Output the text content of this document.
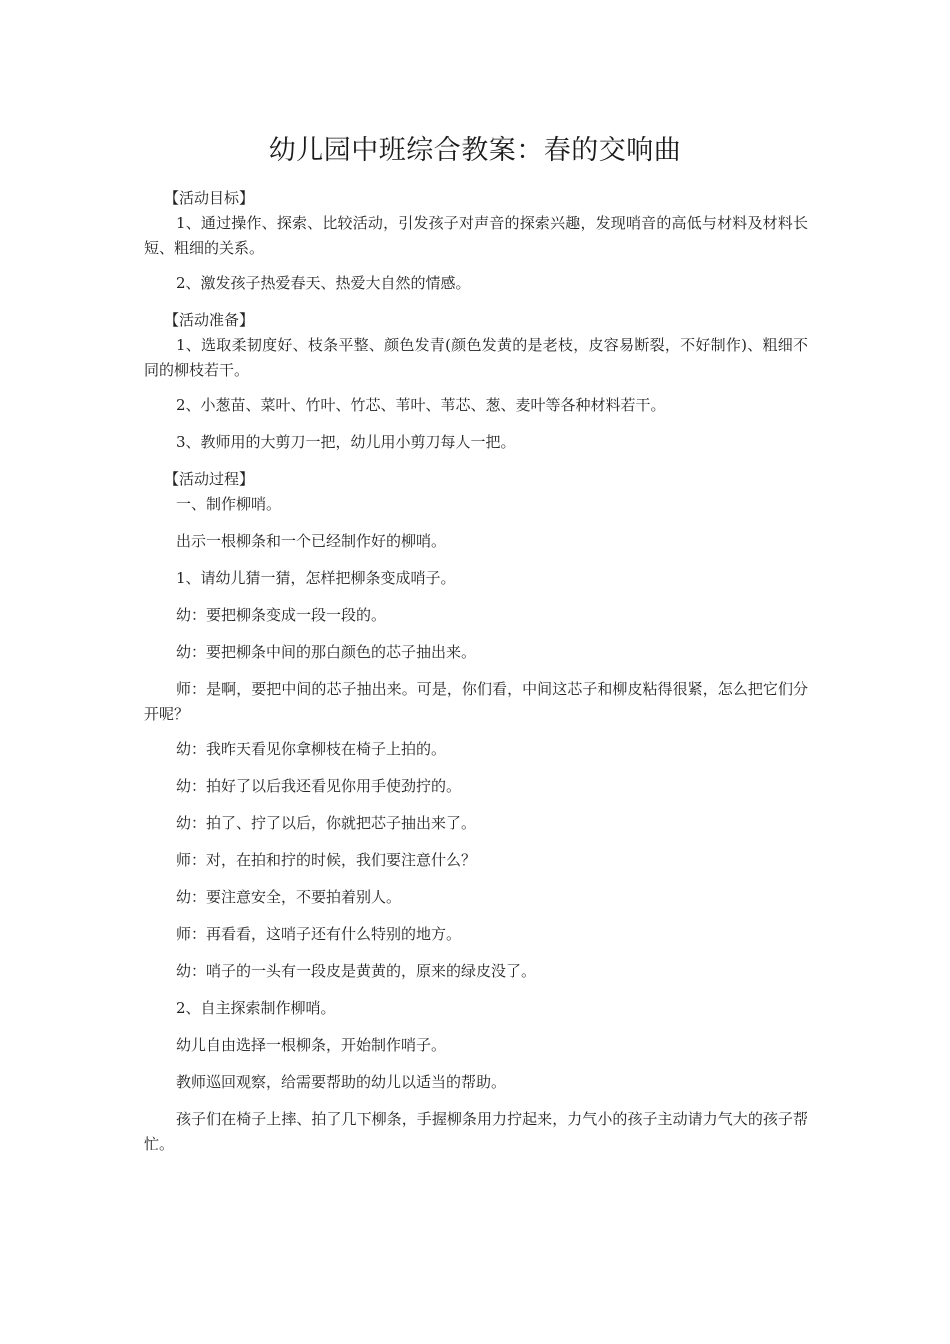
幼儿园中班综合教案：春的交响曲

【活动目标】

1、通过操作、探索、比较活动，引发孩子对声音的探索兴趣，发现哨音的高低与材料及材料长短、粗细的关系。

2、激发孩子热爱春天、热爱大自然的情感。

【活动准备】

1、选取柔韧度好、枝条平整、颜色发青(颜色发黄的是老枝，皮容易断裂，不好制作)、粗细不同的柳枝若干。

2、小葱苗、菜叶、竹叶、竹芯、苇叶、苇芯、葱、麦叶等各种材料若干。

3、教师用的大剪刀一把，幼儿用小剪刀每人一把。

【活动过程】

一、制作柳哨。

出示一根柳条和一个已经制作好的柳哨。

1、请幼儿猜一猜，怎样把柳条变成哨子。

幼：要把柳条变成一段一段的。

幼：要把柳条中间的那白颜色的芯子抽出来。

师：是啊，要把中间的芯子抽出来。可是，你们看，中间这芯子和柳皮粘得很紧，怎么把它们分开呢？

幼：我昨天看见你拿柳枝在椅子上拍的。

幼：拍好了以后我还看见你用手使劲拧的。

幼：拍了、拧了以后，你就把芯子抽出来了。

师：对，在拍和拧的时候，我们要注意什么？

幼：要注意安全，不要拍着别人。

师：再看看，这哨子还有什么特别的地方。

幼：哨子的一头有一段皮是黄黄的，原来的绿皮没了。

2、自主探索制作柳哨。

幼儿自由选择一根柳条，开始制作哨子。

教师巡回观察，给需要帮助的幼儿以适当的帮助。

孩子们在椅子上摔、拍了几下柳条，手握柳条用力拧起来，力气小的孩子主动请力气大的孩子帮忙。
